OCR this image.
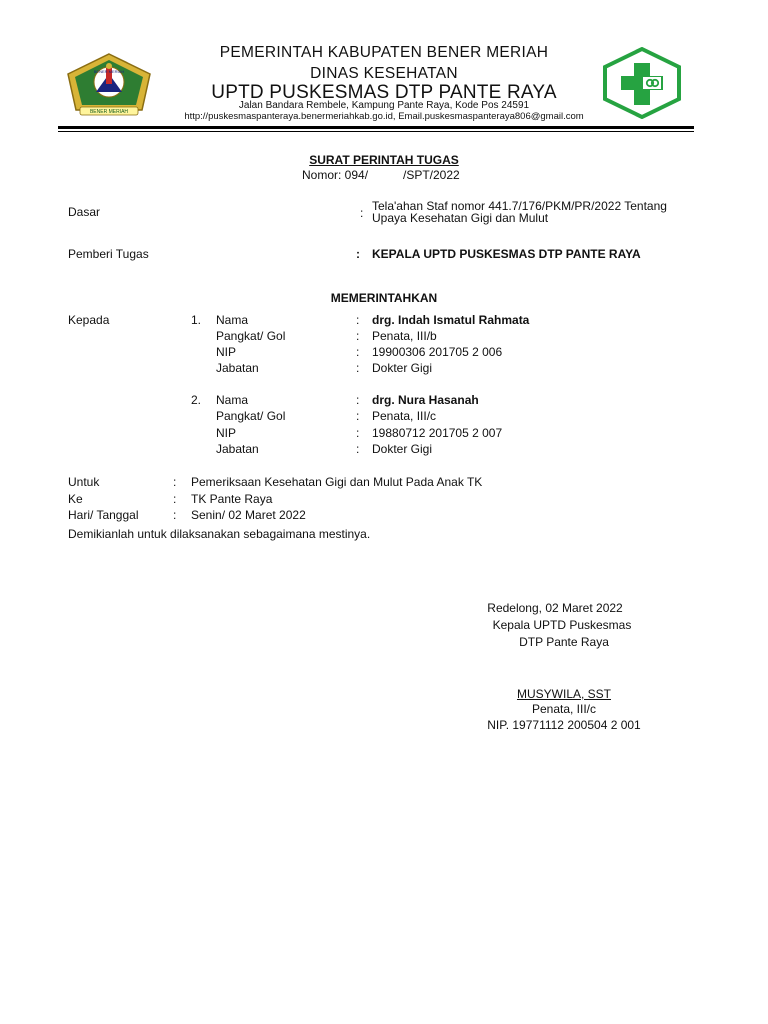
BENER MERIAH
BENER MERIAH
PEMERINTAH KABUPATEN BENER MERIAH
DINAS KESEHATAN
UPTD PUSKESMAS DTP PANTE RAYA
Jalan Bandara Rembele, Kampung Pante Raya, Kode Pos 24591
http://puskesmaspanteraya.benermeriahkab.go.id, Email.puskesmaspanteraya806@gmail.com
SURAT PERINTAH TUGAS
Nomor: 094/	/SPT/2022
Dasar	: Tela'ahan Staf nomor 441.7/176/PKM/PR/2022 Tentang
Upaya Kesehatan Gigi dan Mulut
Pemberi Tugas	: KEPALA UPTD PUSKESMAS DTP PANTE RAYA
MEMERINTAHKAN
Kepada	1. Nama	: drg. Indah Ismatul Rahmata
Pangkat/ Gol	: Penata, III/b
NIP	: 19900306 201705 2 006
Jabatan	: Dokter Gigi
2. Nama	: drg. Nura Hasanah
Pangkat/ Gol	: Penata, III/c
NIP	: 19880712 201705 2 007
Jabatan	: Dokter Gigi
Untuk	: Pemeriksaan Kesehatan Gigi dan Mulut Pada Anak TK
Ke	: TK Pante Raya
Hari/ Tanggal	: Senin/ 02 Maret 2022
Demikianlah untuk dilaksanakan sebagaimana mestinya.
Redelong, 02 Maret 2022
Kepala UPTD Puskesmas
DTP Pante Raya
MUSYWILA, SST
Penata, III/c
NIP. 19771112 200504 2 001
